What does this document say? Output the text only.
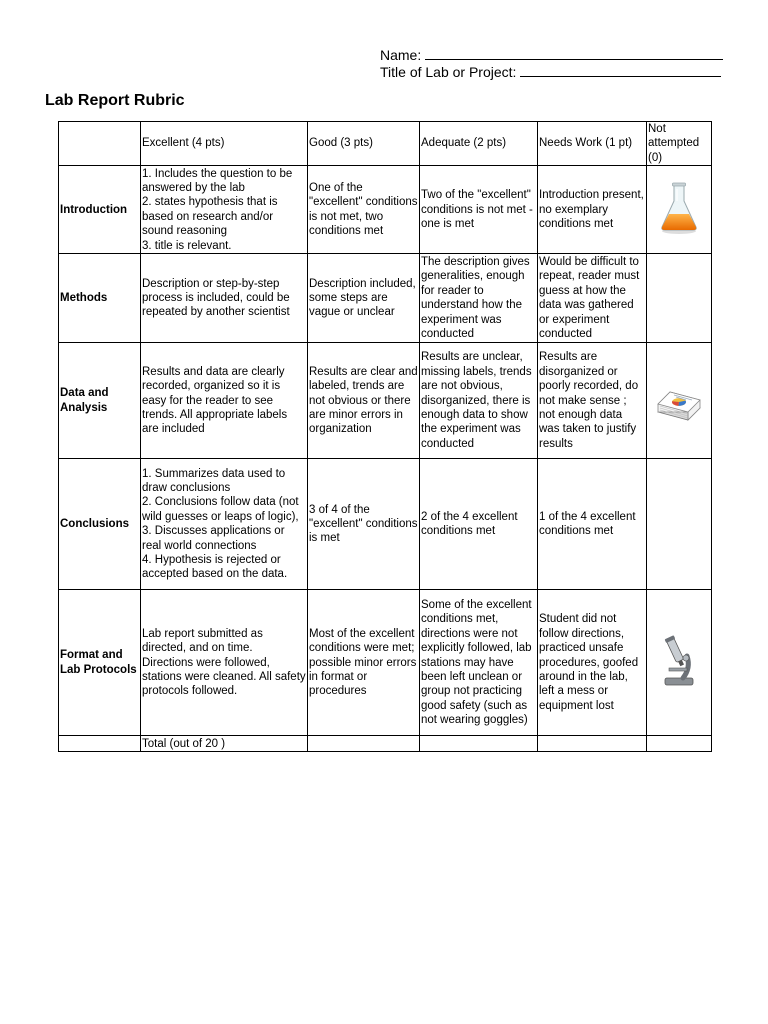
Name:
Title of Lab or Project:
Lab Report Rubric
	Excellent (4 pts)	Good (3 pts)	Adequate (2 pts)	Needs Work (1 pt)	Not attempted (0)
Introduction	1. Includes the question to be answered by the lab
2. states hypothesis that is based on research and/or sound reasoning
3. title is relevant.	One of the "excellent" conditions is not met, two conditions met	Two of the "excellent" conditions is not met - one is met	Introduction present, no exemplary conditions met	
Methods	Description or step-by-step process is included, could be repeated by another scientist	Description included, some steps are vague or unclear	The description gives generalities, enough for reader to understand how the experiment was conducted	Would be difficult to repeat, reader must guess at how the data was gathered or experiment conducted	
Data and Analysis	Results and data are clearly recorded, organized so it is easy for the reader to see trends. All appropriate labels are included	Results are clear and labeled, trends are not obvious or there are minor errors in organization	Results are unclear, missing labels, trends are not obvious, disorganized, there is enough data to show the experiment was conducted	Results are disorganized or poorly recorded, do not make sense ; not enough data was taken to justify results	
Conclusions	1. Summarizes data used to draw conclusions
2. Conclusions follow data (not wild guesses or leaps of logic),
3. Discusses applications or real world connections
4. Hypothesis is rejected or accepted based on the data.	3 of 4 of the "excellent" conditions is met	2 of the 4 excellent conditions met	1 of the 4 excellent conditions met	
Format and Lab Protocols	Lab report submitted as directed, and on time. Directions were followed, stations were cleaned. All safety protocols followed.	Most of the excellent conditions were met; possible minor errors in format or procedures	Some of the excellent conditions met, directions were not explicitly followed, lab stations may have been left unclean or group not practicing good safety (such as not wearing goggles)	Student did not follow directions, practiced unsafe procedures, goofed around in the lab, left a mess or equipment lost	
	Total (out of 20 )				
